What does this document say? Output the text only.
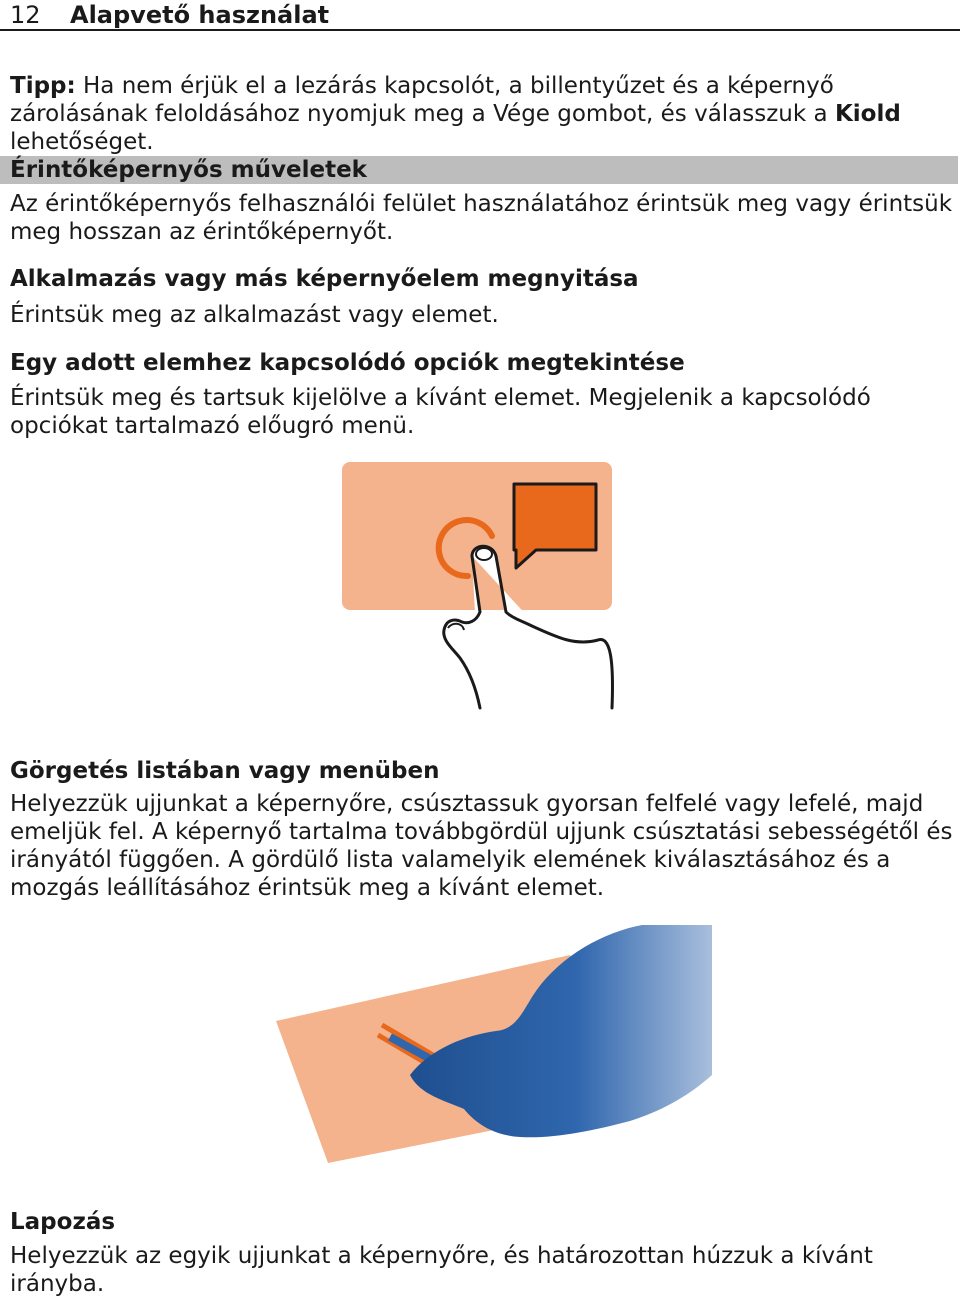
12 Alapvető használat
Tipp: Ha nem érjük el a lezárás kapcsolót, a billentyűzet és a képernyő zárolásának feloldásához nyomjuk meg a Vége gombot, és válasszuk a Kiold lehetőséget.
Érintőképernyős műveletek
Az érintőképernyős felhasználói felület használatához érintsük meg vagy érintsük meg hosszan az érintőképernyőt.
Alkalmazás vagy más képernyőelem megnyitása
Érintsük meg az alkalmazást vagy elemet.
Egy adott elemhez kapcsolódó opciók megtekintése
Érintsük meg és tartsuk kijelölve a kívánt elemet. Megjelenik a kapcsolódó opciókat tartalmazó előugró menü.
Görgetés listában vagy menüben
Helyezzük ujjunkat a képernyőre, csúsztassuk gyorsan felfelé vagy lefelé, majd emeljük fel. A képernyő tartalma továbbgördül ujjunk csúsztatási sebességétől és irányától függően. A gördülő lista valamelyik elemének kiválasztásához és a mozgás leállításához érintsük meg a kívánt elemet.
Lapozás
Helyezzük az egyik ujjunkat a képernyőre, és határozottan húzzuk a kívánt irányba.
